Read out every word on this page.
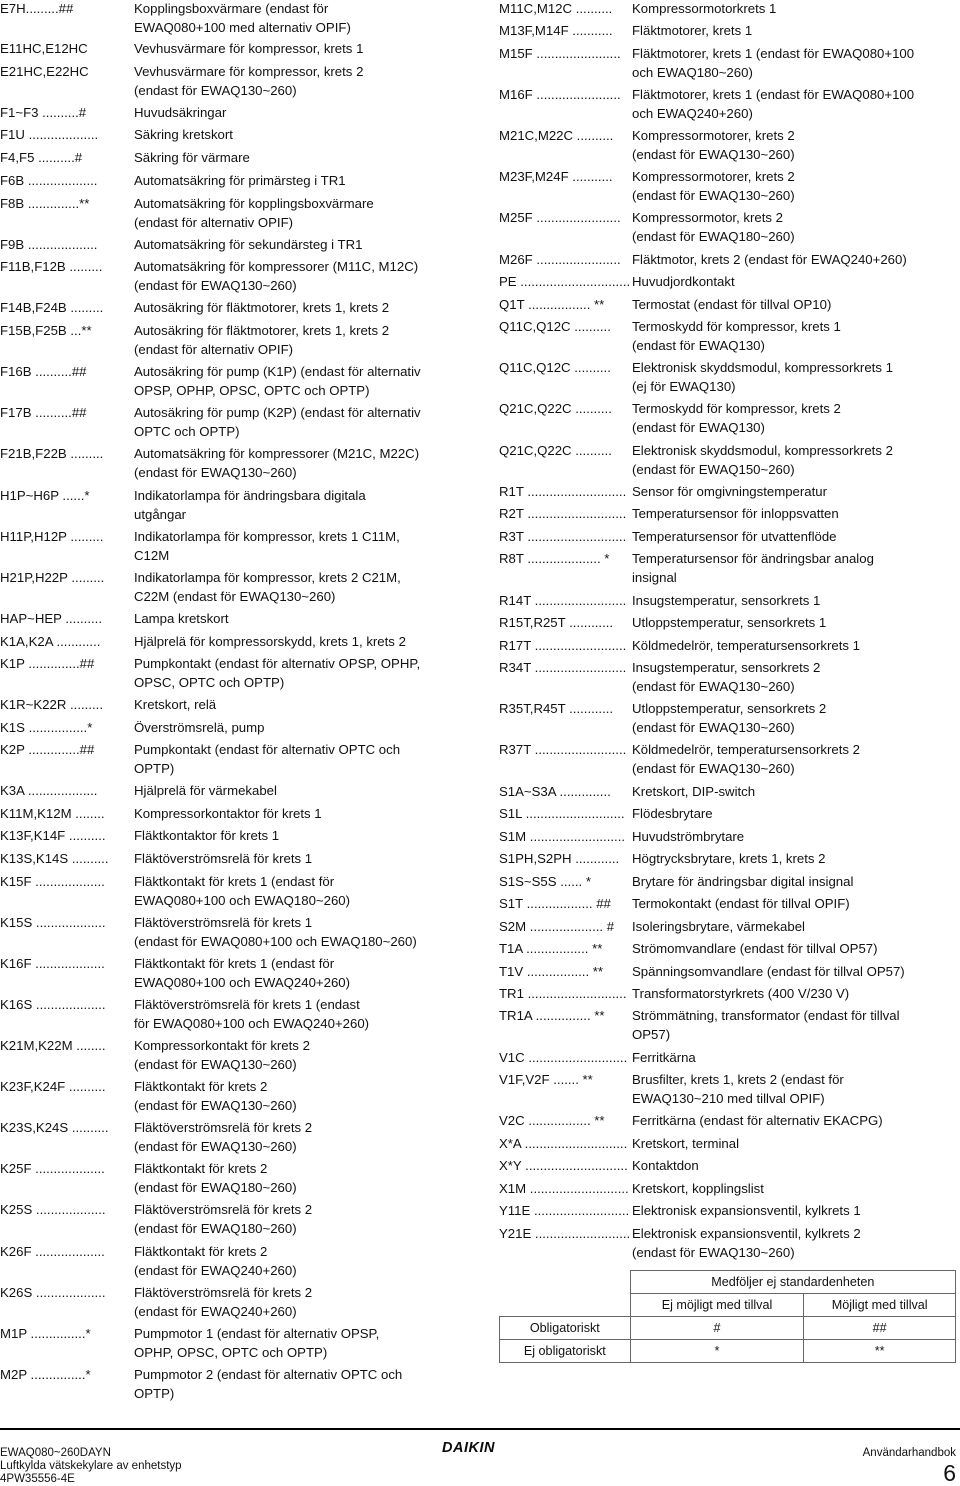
E7H.........##	Kopplingsboxvärmare (endast för
EWAQ080+100 med alternativ OPIF)
E11HC,E12HC	Vevhusvärmare för kompressor, krets 1
E21HC,E22HC	Vevhusvärmare för kompressor, krets 2
(endast för EWAQ130~260)
F1~F3 ..........#	Huvudsäkringar
F1U ...................	Säkring kretskort
F4,F5 ..........#	Säkring för värmare
F6B ...................	Automatsäkring för primärsteg i TR1
F8B ..............**	Automatsäkring för kopplingsboxvärmare
(endast för alternativ OPIF)
F9B ...................	Automatsäkring för sekundärsteg i TR1
F11B,F12B ......... Automatsäkring för kompressorer (M11C, M12C)
(endast för EWAQ130~260)
F14B,F24B ......... Autosäkring för fläktmotorer, krets 1, krets 2
F15B,F25B ...**	Autosäkring för fläktmotorer, krets 1, krets 2
(endast för alternativ OPIF)
F16B ..........##	Autosäkring för pump (K1P) (endast för alternativ
OPSP, OPHP, OPSC, OPTC och OPTP)
F17B ..........##	Autosäkring för pump (K2P) (endast för alternativ
OPTC och OPTP)
F21B,F22B ......... Automatsäkring för kompressorer (M21C, M22C)
(endast för EWAQ130~260)
H1P~H6P ......*	Indikatorlampa för ändringsbara digitala
utgångar
H11P,H12P ......... Indikatorlampa för kompressor, krets 1 C11M,
C12M
H21P,H22P ......... Indikatorlampa för kompressor, krets 2 C21M,
C22M (endast för EWAQ130~260)
HAP~HEP .......... Lampa kretskort
K1A,K2A ............	Hjälprelä för kompressorskydd, krets 1, krets 2
K1P ..............##	Pumpkontakt (endast för alternativ OPSP, OPHP,
OPSC, OPTC och OPTP)
K1R~K22R ......... Kretskort, relä
K1S ................*	Överströmsrelä, pump
K2P ..............##	Pumpkontakt (endast för alternativ OPTC och
OPTP)
K3A ...................	Hjälprelä för värmekabel
K11M,K12M ........ Kompressorkontaktor för krets 1
K13F,K14F .......... Fläktkontaktor för krets 1
K13S,K14S .......... Fläktöverströmsrelä för krets 1
K15F ................... Fläktkontakt för krets 1 (endast för
EWAQ080+100 och EWAQ180~260)
K15S ................... Fläktöverströmsrelä för krets 1
(endast för EWAQ080+100 och EWAQ180~260)
K16F ................... Fläktkontakt för krets 1 (endast för
EWAQ080+100 och EWAQ240+260)
K16S ................... Fläktöverströmsrelä för krets 1 (endast
för EWAQ080+100 och EWAQ240+260)
K21M,K22M ........ Kompressorkontakt för krets 2
(endast för EWAQ130~260)
K23F,K24F .......... Fläktkontakt för krets 2
(endast för EWAQ130~260)
K23S,K24S .......... Fläktöverströmsrelä för krets 2
(endast för EWAQ130~260)
K25F ................... Fläktkontakt för krets 2
(endast för EWAQ180~260)
K25S ................... Fläktöverströmsrelä för krets 2
(endast för EWAQ180~260)
K26F ................... Fläktkontakt för krets 2
(endast för EWAQ240+260)
K26S ................... Fläktöverströmsrelä för krets 2
(endast för EWAQ240+260)
M1P ...............*	Pumpmotor 1 (endast för alternativ OPSP,
OPHP, OPSC, OPTC och OPTP)
M2P ...............*	Pumpmotor 2 (endast för alternativ OPTC och
OPTP)
M11C,M12C .......... Kompressormotorkrets 1
M13F,M14F ........... Fläktmotorer, krets 1
M15F ....................... Fläktmotorer, krets 1 (endast för EWAQ080+100
och EWAQ180~260)
M16F ....................... Fläktmotorer, krets 1 (endast för EWAQ080+100
och EWAQ240+260)
M21C,M22C .......... Kompressormotorer, krets 2
(endast för EWAQ130~260)
M23F,M24F ........... Kompressormotorer, krets 2
(endast för EWAQ130~260)
M25F ....................... Kompressormotor, krets 2
(endast för EWAQ180~260)
M26F ....................... Fläktmotor, krets 2 (endast för EWAQ240+260)
PE .............................. Huvudjordkontakt
Q1T ................. ** Termostat (endast för tillval OP10)
Q11C,Q12C .......... Termoskydd för kompressor, krets 1
(endast för EWAQ130)
Q11C,Q12C .......... Elektronisk skyddsmodul, kompressorkrets 1
(ej för EWAQ130)
Q21C,Q22C .......... Termoskydd för kompressor, krets 2
(endast för EWAQ130)
Q21C,Q22C .......... Elektronisk skyddsmodul, kompressorkrets 2
(endast för EWAQ150~260)
R1T ........................... Sensor för omgivningstemperatur
R2T ........................... Temperatursensor för inloppsvatten
R3T ........................... Temperatursensor för utvattenflöde
R8T .................... * Temperatursensor för ändringsbar analog
insignal
R14T ......................... Insugstemperatur, sensorkrets 1
R15T,R25T ............ Utloppstemperatur, sensorkrets 1
R17T ......................... Köldmedelrör, temperatursensorkrets 1
R34T ......................... Insugstemperatur, sensorkrets 2
(endast för EWAQ130~260)
R35T,R45T ............ Utloppstemperatur, sensorkrets 2
(endast för EWAQ130~260)
R37T ......................... Köldmedelrör, temperatursensorkrets 2
(endast för EWAQ130~260)
S1A~S3A .............. Kretskort, DIP-switch
S1L ........................... Flödesbrytare
S1M .......................... Huvudströmbrytare
S1PH,S2PH ............ Högtrycksbrytare, krets 1, krets 2
S1S~S5S ...... *	Brytare för ändringsbar digital insignal
S1T .................. ## Termokontakt (endast för tillval OPIF)
S2M .................... # Isoleringsbrytare, värmekabel
T1A ................. ** Strömomvandlare (endast för tillval OP57)
T1V ................. ** Spänningsomvandlare (endast för tillval OP57)
TR1 ........................... Transformatorstyrkrets (400 V/230 V)
TR1A ............... ** Strömmätning, transformator (endast för tillval
OP57)
V1C ........................... Ferritkärna
V1F,V2F ....... **	Brusfilter, krets 1, krets 2 (endast för
EWAQ130~210 med tillval OPIF)
V2C ................. ** Ferritkärna (endast för alternativ EKACPG)
X*A ............................ Kretskort, terminal
X*Y ............................ Kontaktdon
X1M ........................... Kretskort, kopplingslist
Y11E .......................... Elektronisk expansionsventil, kylkrets 1
Y21E .......................... Elektronisk expansionsventil, kylkrets 2
(endast för EWAQ130~260)
	Medföljer ej standardenheten	
	Ej möjligt med tillval	Möjligt med tillval
Obligatoriskt	#	##
Ej obligatoriskt	*	**
EWAQ080~260DAYN
Luftkylda vätskekylare av enhetstyp
4PW35556-4E
DAIKIN	Användarhandbok
6
